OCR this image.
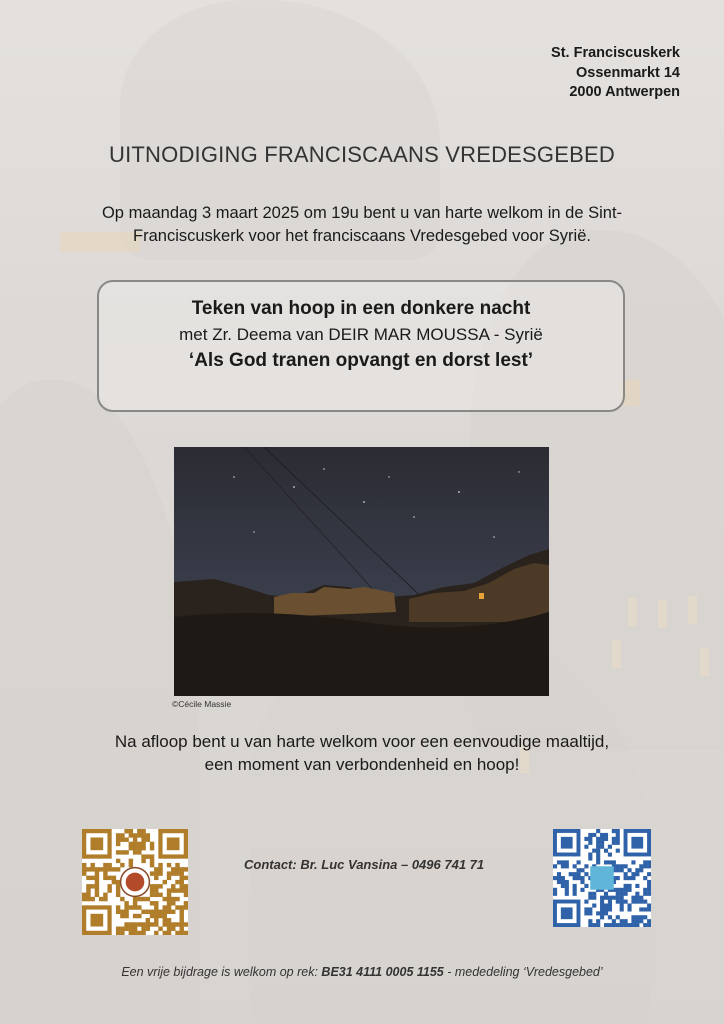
St. Franciscuskerk
Ossenmarkt 14
2000 Antwerpen
UITNODIGING FRANCISCAANS VREDESGEBED
Op maandag 3 maart 2025 om 19u bent u van harte welkom in de Sint-
Franciscuskerk voor het franciscaans Vredesgebed voor Syrië.
Teken van hoop in een donkere nacht
met Zr. Deema van DEIR MAR MOUSSA - Syrië
‘Als God tranen opvangt en dorst lest’
©Cécile Massie
Na afloop bent u van harte welkom voor een eenvoudige maaltijd,
een moment van verbondenheid en hoop!
Contact: Br. Luc Vansina – 0496 741 71
Een vrije bijdrage is welkom op rek: BE31 4111 0005 1155 - mededeling ‘Vredesgebed’
